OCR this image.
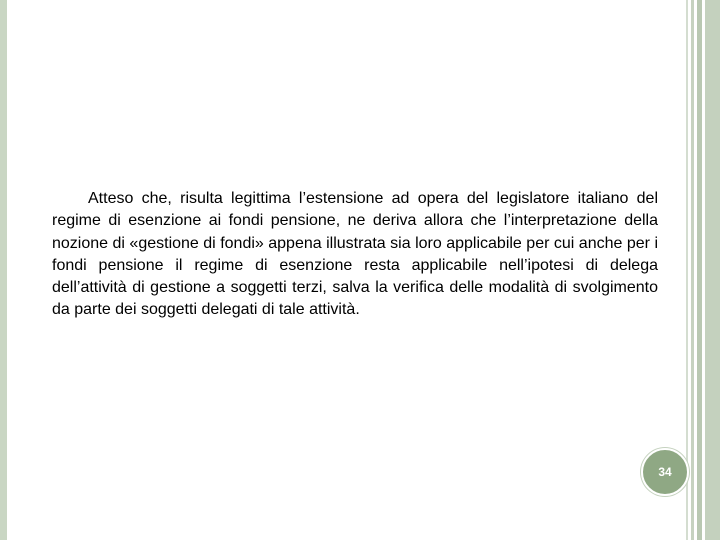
Atteso che, risulta legittima l’estensione ad opera del legislatore italiano del regime di esenzione ai fondi pensione, ne deriva allora che l’interpretazione della nozione di «gestione di fondi» appena illustrata sia loro applicabile per cui anche per i fondi pensione il regime di esenzione resta applicabile nell’ipotesi di delega dell’attività di gestione a soggetti terzi, salva la verifica delle modalità di svolgimento da parte dei soggetti delegati di tale attività.

34
